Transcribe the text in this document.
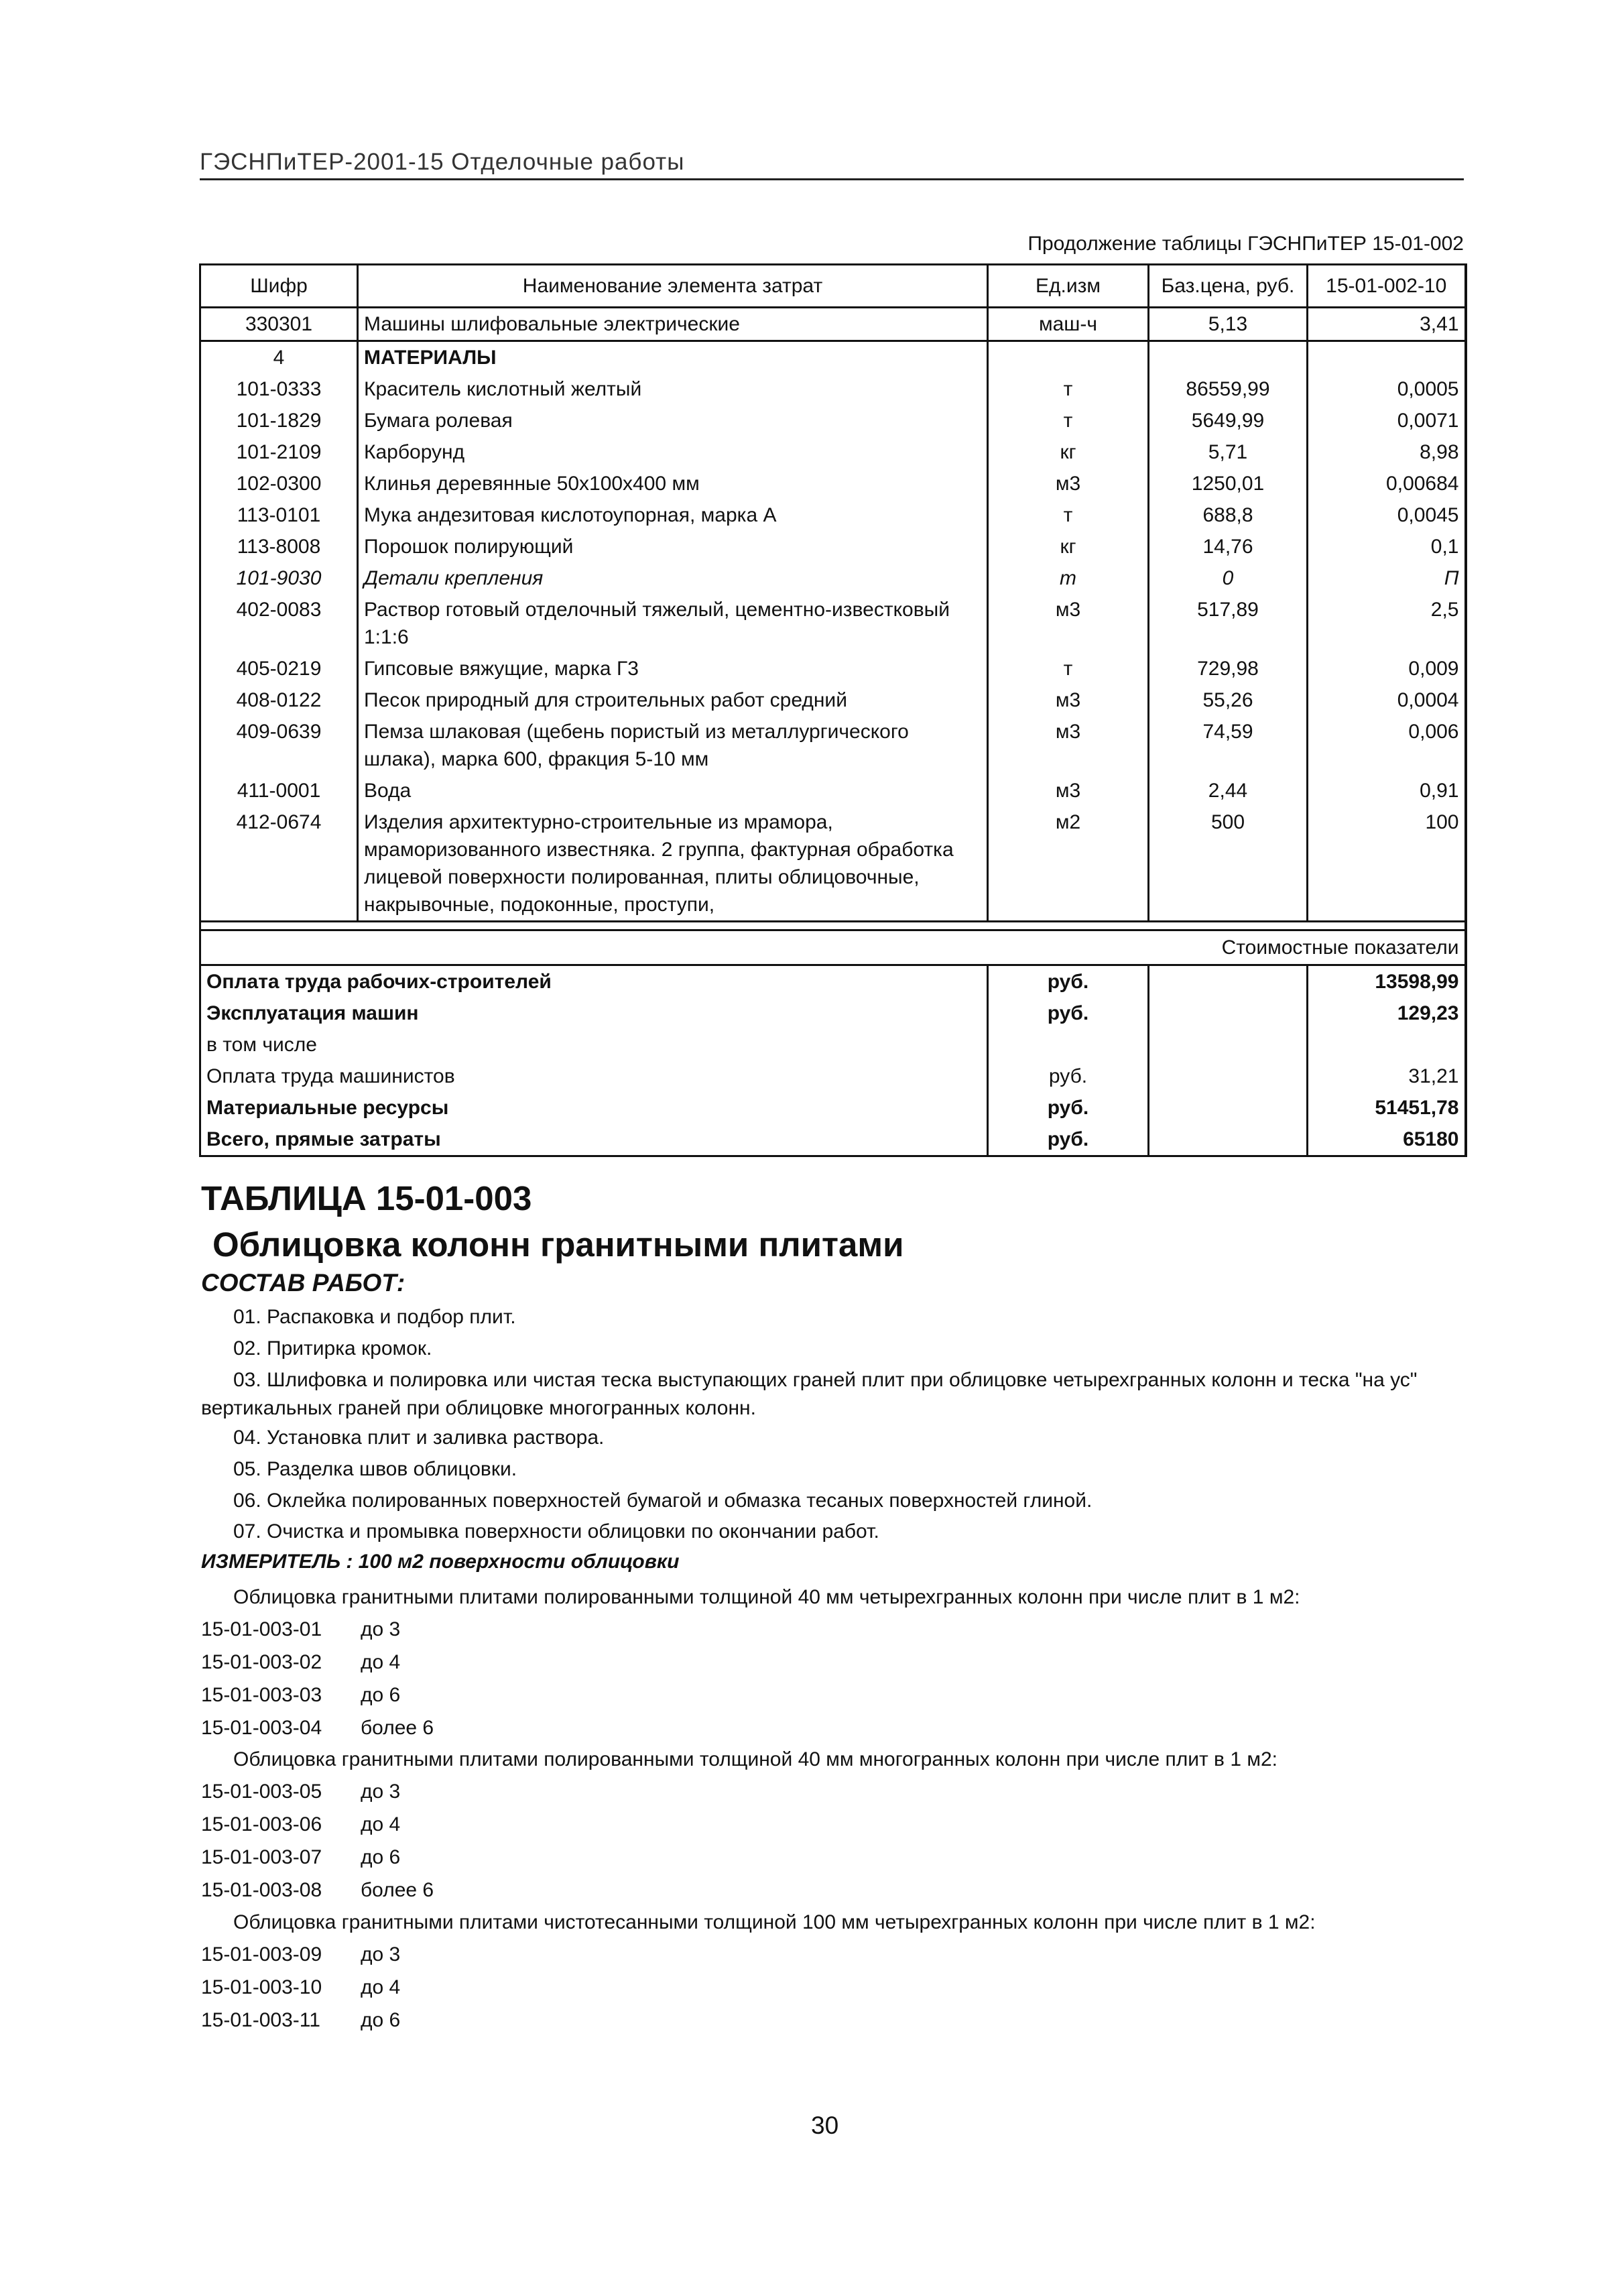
ГЭСНПиТЕР-2001-15 Отделочные работы
Продолжение таблицы ГЭСНПиТЕР 15-01-002
Шифр	Наименование элемента затрат	Ед.изм	Баз.цена, руб.	15-01-002-10
330301	Машины шлифовальные электрические	маш-ч	5,13	3,41
4	МАТЕРИАЛЫ			
101-0333	Краситель кислотный желтый	т	86559,99	0,0005
101-1829	Бумага ролевая	т	5649,99	0,0071
101-2109	Карборунд	кг	5,71	8,98
102-0300	Клинья деревянные 50х100х400 мм	м3	1250,01	0,00684
113-0101	Мука андезитовая кислотоупорная, марка А	т	688,8	0,0045
113-8008	Порошок полирующий	кг	14,76	0,1
101-9030	Детали крепления	т	0	П
402-0083	Раствор готовый отделочный тяжелый, цементно-известковый 1:1:6	м3	517,89	2,5
405-0219	Гипсовые вяжущие, марка Г3	т	729,98	0,009
408-0122	Песок природный для строительных работ средний	м3	55,26	0,0004
409-0639	Пемза шлаковая (щебень пористый из металлургического шлака), марка 600, фракция 5-10 мм	м3	74,59	0,006
411-0001	Вода	м3	2,44	0,91
412-0674	Изделия архитектурно-строительные из мрамора, мраморизованного известняка. 2 группа, фактурная обработка лицевой поверхности полированная, плиты облицовочные, накрывочные, подоконные, проступи,	м2	500	100

Стоимостные показатели				
Оплата труда рабочих-строителей		руб.		13598,99
Эксплуатация машин		руб.		129,23
в том числе				
Оплата труда машинистов		руб.		31,21
Материальные ресурсы		руб.		51451,78
Всего, прямые затраты		руб.		65180
ТАБЛИЦА 15-01-003
Облицовка колонн гранитными плитами
СОСТАВ РАБОТ:
01. Распаковка и подбор плит.
02. Притирка кромок.
03. Шлифовка и полировка или чистая теска выступающих граней плит при облицовке четырехгранных колонн и теска "на ус" вертикальных граней при облицовке многогранных колонн.
04. Установка плит и заливка раствора.
05. Разделка швов облицовки.
06. Оклейка полированных поверхностей бумагой и обмазка тесаных поверхностей глиной.
07. Очистка и промывка поверхности облицовки по окончании работ.
ИЗМЕРИТЕЛЬ : 100 м2 поверхности облицовки
Облицовка гранитными плитами полированными толщиной 40 мм четырехгранных колонн при числе плит в 1 м2:
15-01-003-01 до 3
15-01-003-02 до 4
15-01-003-03 до 6
15-01-003-04 более 6
Облицовка гранитными плитами полированными толщиной 40 мм многогранных колонн при числе плит в 1 м2:
15-01-003-05 до 3
15-01-003-06 до 4
15-01-003-07 до 6
15-01-003-08 более 6
Облицовка гранитными плитами чистотесанными толщиной 100 мм четырехгранных колонн при числе плит в 1 м2:
15-01-003-09 до 3
15-01-003-10 до 4
15-01-003-11 до 6
30
